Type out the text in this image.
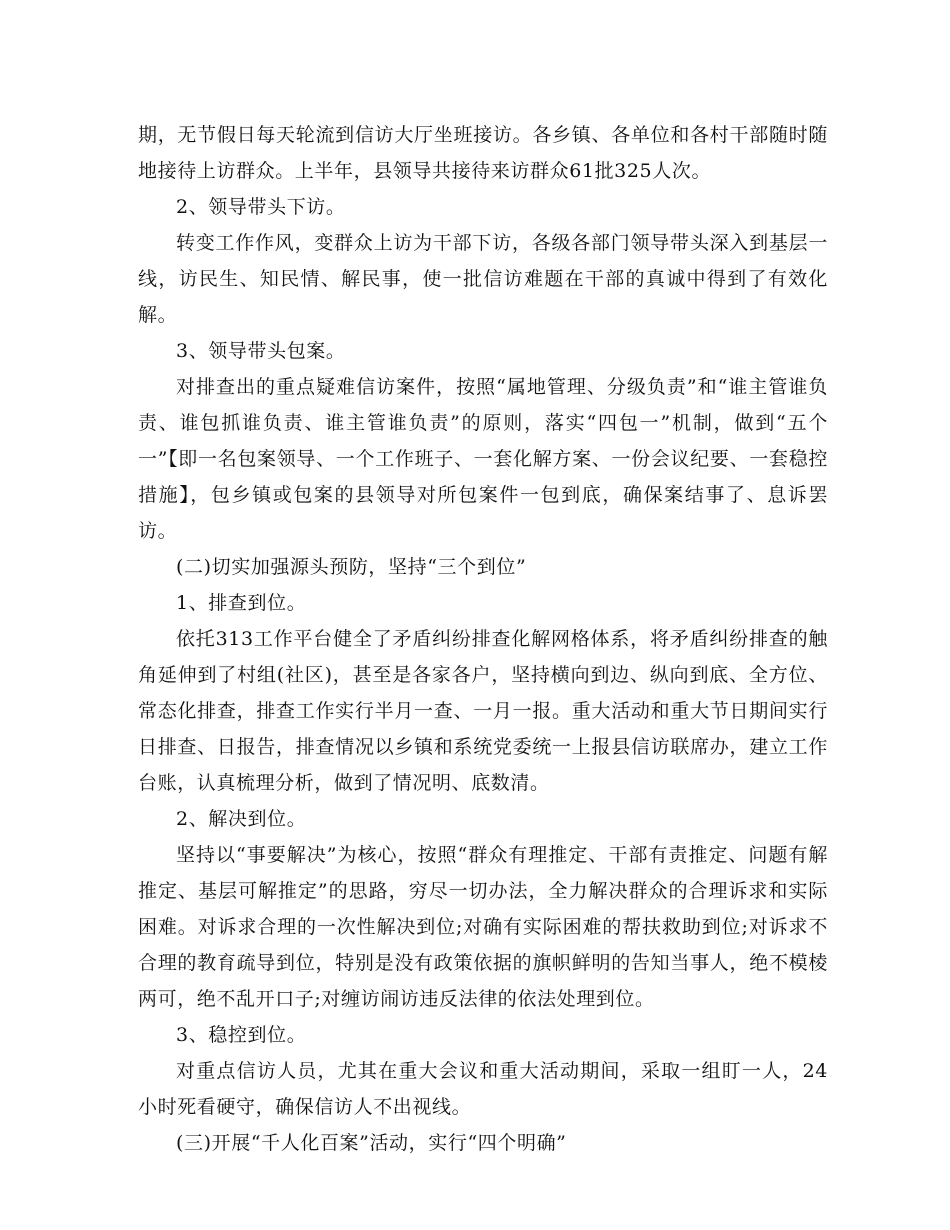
期，无节假日每天轮流到信访大厅坐班接访。各乡镇、各单位和各村干部随时随地接待上访群众。上半年，县领导共接待来访群众61批325人次。

2、领导带头下访。

转变工作作风，变群众上访为干部下访，各级各部门领导带头深入到基层一线，访民生、知民情、解民事，使一批信访难题在干部的真诚中得到了有效化解。

3、领导带头包案。

对排查出的重点疑难信访案件，按照“属地管理、分级负责”和“谁主管谁负责、谁包抓谁负责、谁主管谁负责”的原则，落实“四包一”机制，做到“五个一”【即一名包案领导、一个工作班子、一套化解方案、一份会议纪要、一套稳控措施】，包乡镇或包案的县领导对所包案件一包到底，确保案结事了、息诉罢访。

(二)切实加强源头预防，坚持“三个到位”

1、排查到位。

依托313工作平台健全了矛盾纠纷排查化解网格体系，将矛盾纠纷排查的触角延伸到了村组(社区)，甚至是各家各户，坚持横向到边、纵向到底、全方位、常态化排查，排查工作实行半月一查、一月一报。重大活动和重大节日期间实行日排查、日报告，排查情况以乡镇和系统党委统一上报县信访联席办，建立工作台账，认真梳理分析，做到了情况明、底数清。

2、解决到位。

坚持以“事要解决”为核心，按照“群众有理推定、干部有责推定、问题有解推定、基层可解推定”的思路，穷尽一切办法，全力解决群众的合理诉求和实际困难。对诉求合理的一次性解决到位;对确有实际困难的帮扶救助到位;对诉求不合理的教育疏导到位，特别是没有政策依据的旗帜鲜明的告知当事人，绝不模棱两可，绝不乱开口子;对缠访闹访违反法律的依法处理到位。

3、稳控到位。

对重点信访人员，尤其在重大会议和重大活动期间，采取一组盯一人，24小时死看硬守，确保信访人不出视线。

(三)开展“千人化百案”活动，实行“四个明确”
